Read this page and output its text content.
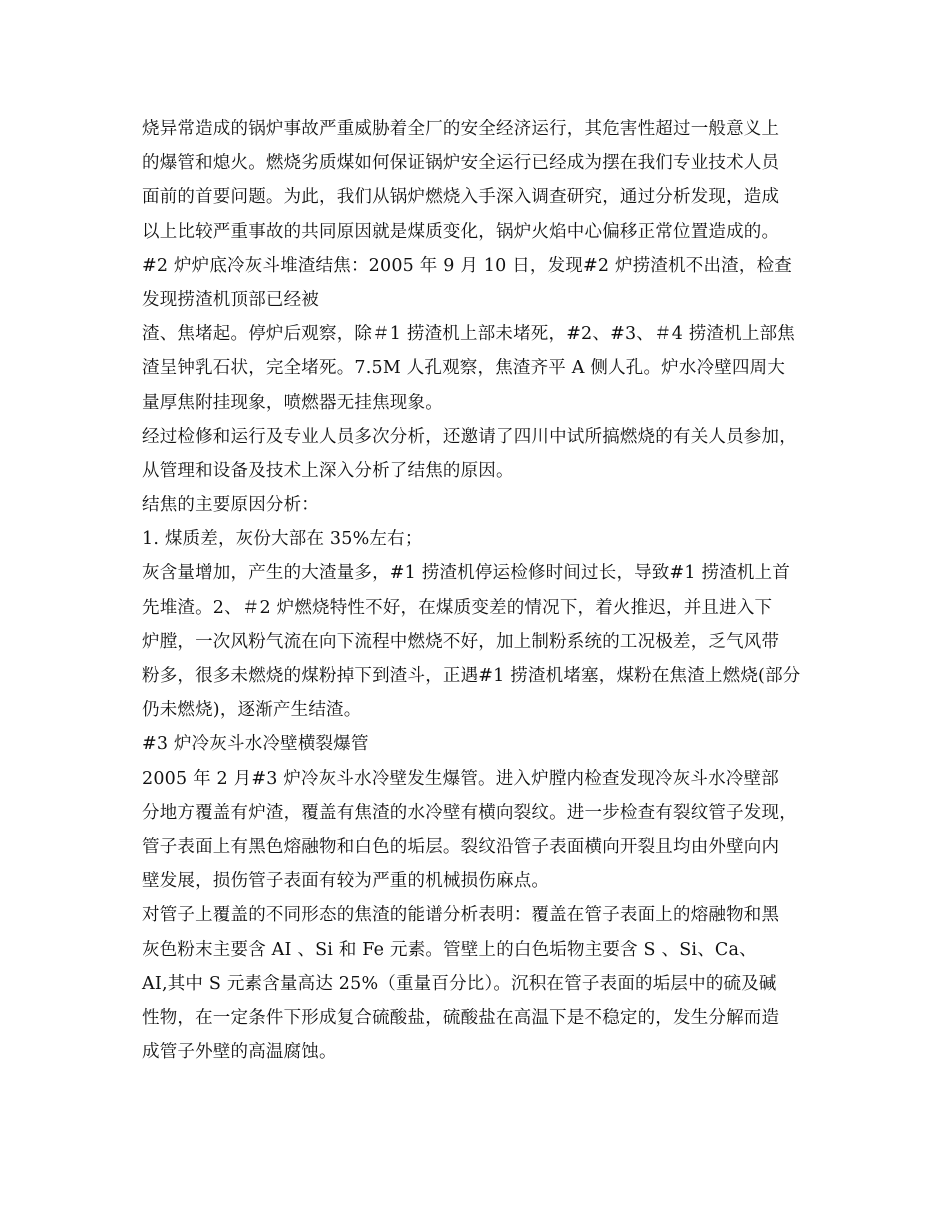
烧异常造成的锅炉事故严重威胁着全厂的安全经济运行，其危害性超过一般意义上
的爆管和熄火。燃烧劣质煤如何保证锅炉安全运行已经成为摆在我们专业技术人员
面前的首要问题。为此，我们从锅炉燃烧入手深入调查研究，通过分析发现，造成
以上比较严重事故的共同原因就是煤质变化，锅炉火焰中心偏移正常位置造成的。
#2 炉炉底冷灰斗堆渣结焦：2005 年 9 月 10 日，发现#2 炉捞渣机不出渣，检查
发现捞渣机顶部已经被
渣、焦堵起。停炉后观察，除＃1 捞渣机上部未堵死，#2、#3、＃4 捞渣机上部焦
渣呈钟乳石状，完全堵死。7.5M 人孔观察，焦渣齐平 A 侧人孔。炉水冷壁四周大
量厚焦附挂现象，喷燃器无挂焦现象。
经过检修和运行及专业人员多次分析，还邀请了四川中试所搞燃烧的有关人员参加，
从管理和设备及技术上深入分析了结焦的原因。
结焦的主要原因分析：
1. 煤质差，灰份大部在 35%左右；
灰含量增加，产生的大渣量多，#1 捞渣机停运检修时间过长，导致#1 捞渣机上首
先堆渣。2、＃2 炉燃烧特性不好，在煤质变差的情况下，着火推迟，并且进入下
炉膛，一次风粉气流在向下流程中燃烧不好，加上制粉系统的工况极差，乏气风带
粉多，很多未燃烧的煤粉掉下到渣斗，正遇#1 捞渣机堵塞，煤粉在焦渣上燃烧(部分
仍未燃烧)，逐渐产生结渣。
#3 炉冷灰斗水冷壁横裂爆管
2005 年 2 月#3 炉冷灰斗水冷壁发生爆管。进入炉膛内检查发现冷灰斗水冷壁部
分地方覆盖有炉渣，覆盖有焦渣的水冷壁有横向裂纹。进一步检查有裂纹管子发现，
管子表面上有黑色熔融物和白色的垢层。裂纹沿管子表面横向开裂且均由外壁向内
壁发展，损伤管子表面有较为严重的机械损伤麻点。
对管子上覆盖的不同形态的焦渣的能谱分析表明：覆盖在管子表面上的熔融物和黑
灰色粉末主要含 AI 、Si 和 Fe 元素。管壁上的白色垢物主要含 S 、Si、Ca、
AI,其中 S 元素含量高达 25%（重量百分比）。沉积在管子表面的垢层中的硫及碱
性物，在一定条件下形成复合硫酸盐，硫酸盐在高温下是不稳定的，发生分解而造
成管子外壁的高温腐蚀。
